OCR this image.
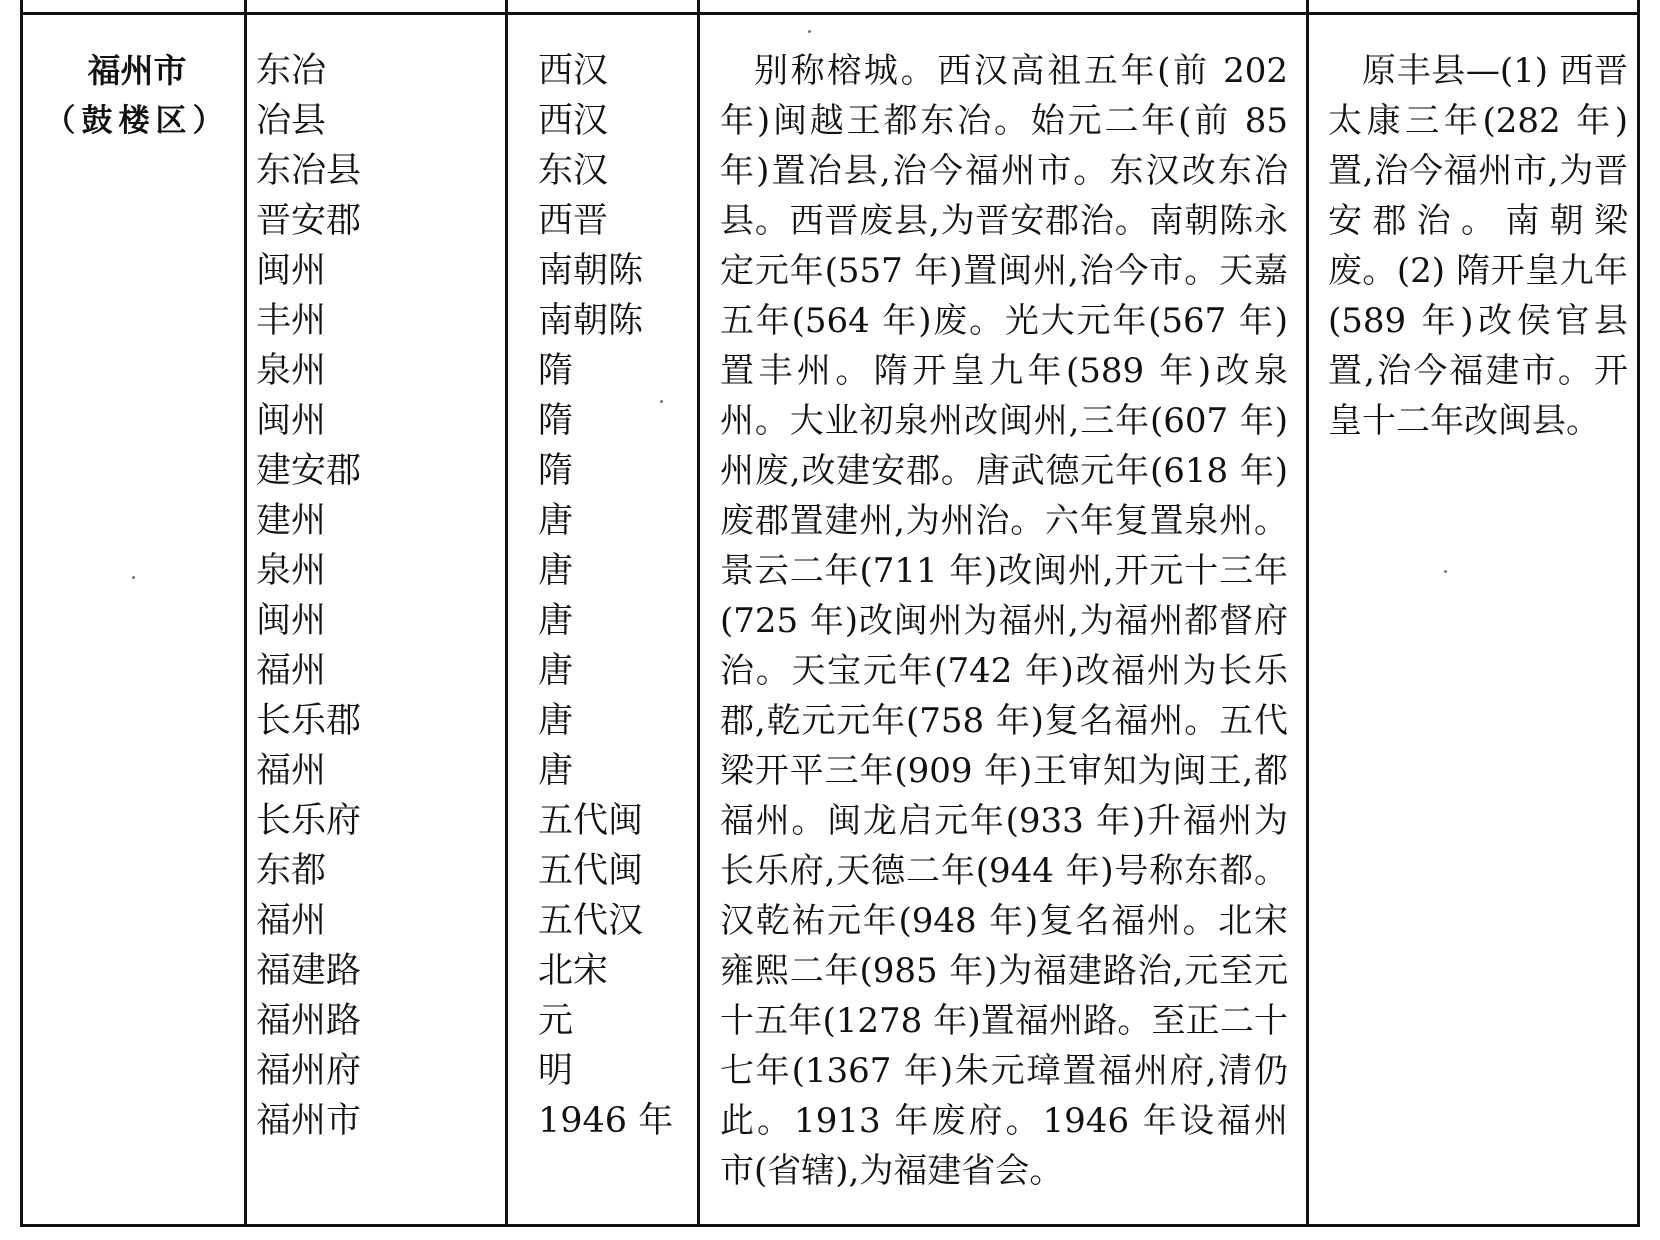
福州市
（鼓楼区）
东冶
冶县
东冶县
晋安郡
闽州
丰州
泉州
闽州
建安郡
建州
泉州
闽州
福州
长乐郡
福州
长乐府
东都
福州
福建路
福州路
福州府
福州市
西汉
西汉
东汉
西晋
南朝陈
南朝陈
隋
隋
隋
唐
唐
唐
唐
唐
唐
五代闽
五代闽
五代汉
北宋
元
明
1946 年
别称榕城。西汉高祖五年(前 202 年)闽越王都东冶。始元二年(前 85 年)置冶县,治今福州市。东汉改东冶县。西晋废县,为晋安郡治。南朝陈永定元年(557 年)置闽州,治今市。天嘉五年(564 年)废。光大元年(567 年)置丰州。隋开皇九年(589 年)改泉州。大业初泉州改闽州,三年(607 年)州废,改建安郡。唐武德元年(618 年)废郡置建州,为州治。六年复置泉州。景云二年(711 年)改闽州,开元十三年(725 年)改闽州为福州,为福州都督府治。天宝元年(742 年)改福州为长乐郡,乾元元年(758 年)复名福州。五代梁开平三年(909 年)王审知为闽王,都福州。闽龙启元年(933 年)升福州为长乐府,天德二年(944 年)号称东都。汉乾祐元年(948 年)复名福州。北宋雍熙二年(985 年)为福建路治,元至元十五年(1278 年)置福州路。至正二十七年(1367 年)朱元璋置福州府,清仍此。1913 年废府。1946 年设福州市(省辖),为福建省会。
原丰县—(1) 西晋太康三年(282 年)置,治今福州市,为晋安郡治。南朝梁废。(2) 隋开皇九年(589 年)改侯官县置,治今福建市。开皇十二年改闽县。
